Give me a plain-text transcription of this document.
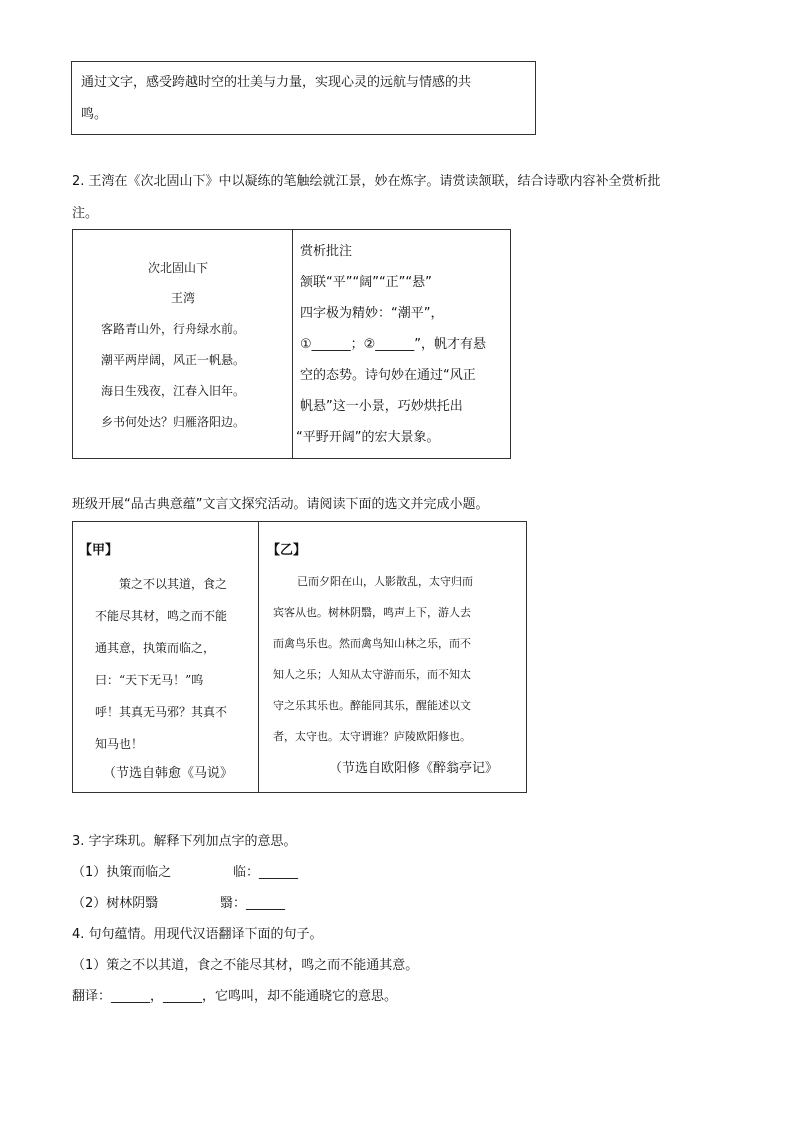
通过文字，感受跨越时空的壮美与力量，实现心灵的远航与情感的共
鸣。
2. 王湾在《次北固山下》中以凝练的笔触绘就江景，妙在炼字。请赏读颔联，结合诗歌内容补全赏析批
注。
次北固山下
王湾
客路青山外，行舟绿水前。
潮平两岸阔，风正一帆悬。
海日生残夜，江春入旧年。
乡书何处达？归雁洛阳边。
赏析批注
颔联“平”“阔”“正”“悬”
四字极为精妙：“潮平”，
①______；②______”，帆才有悬
空的态势。诗句妙在通过“风正
帆悬”这一小景，巧妙烘托出
“平野开阔”的宏大景象。
班级开展“品古典意蕴”文言文探究活动。请阅读下面的选文并完成小题。
【甲】
策之不以其道，食之
不能尽其材，鸣之而不能
通其意，执策而临之，
曰：“天下无马！”呜
呼！其真无马邪？其真不
知马也！
（节选自韩愈《马说》
【乙】
已而夕阳在山，人影散乱，太守归而
宾客从也。树林阴翳，鸣声上下，游人去
而禽鸟乐也。然而禽鸟知山林之乐，而不
知人之乐；人知从太守游而乐，而不知太
守之乐其乐也。醉能同其乐，醒能述以文
者，太守也。太守谓谁？庐陵欧阳修也。
（节选自欧阳修《醉翁亭记》
3. 字字珠玑。解释下列加点字的意思。
（1）执策而临之	临：______
（2）树林阴翳	翳：______
4. 句句蕴情。用现代汉语翻译下面的句子。
（1）策之不以其道，食之不能尽其材，鸣之而不能通其意。
翻译：______，______，它鸣叫，却不能通晓它的意思。
